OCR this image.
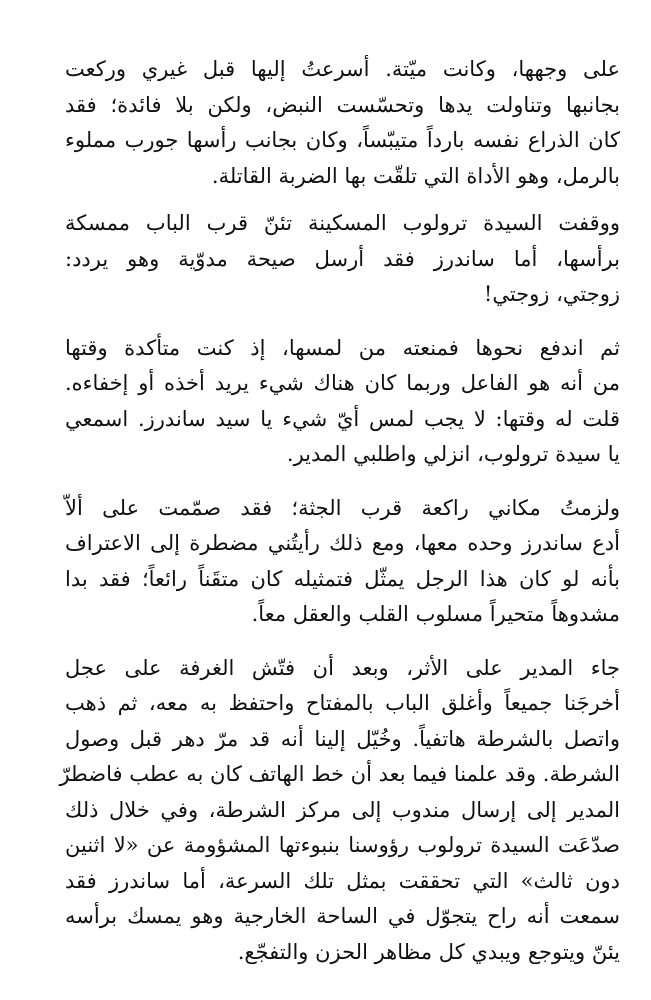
على وجهها، وكانت ميّتة. أسرعتُ إليها قبل غيري وركعت
بجانبها وتناولت يدها وتحسّست النبض، ولكن بلا فائدة؛ فقد
كان الذراع نفسه بارداً متيبّساً، وكان بجانب رأسها جورب مملوء
بالرمل، وهو الأداة التي تلقّت بها الضربة القاتلة.

ووقفت السيدة ترولوب المسكينة تئنّ قرب الباب ممسكة
برأسها، أما ساندرز فقد أرسل صيحة مدوّية وهو يردد:
زوجتي، زوجتي!

ثم اندفع نحوها فمنعته من لمسها، إذ كنت متأكدة وقتها
من أنه هو الفاعل وربما كان هناك شيء يريد أخذه أو إخفاءه.
قلت له وقتها: لا يجب لمس أيّ شيء يا سيد ساندرز. اسمعي
يا سيدة ترولوب، انزلي واطلبي المدير.

ولزمتُ مكاني راكعة قرب الجثة؛ فقد صمّمت على ألاّ
أدع ساندرز وحده معها، ومع ذلك رأيتُني مضطرة إلى الاعتراف
بأنه لو كان هذا الرجل يمثّل فتمثيله كان متقَناً رائعاً؛ فقد بدا
مشدوهاً متحيراً مسلوب القلب والعقل معاً.

جاء المدير على الأثر، وبعد أن فتّش الغرفة على عجل
أخرجَنا جميعاً وأغلق الباب بالمفتاح واحتفظ به معه، ثم ذهب
واتصل بالشرطة هاتفياً. وخُيّل إلينا أنه قد مرّ دهر قبل وصول
الشرطة. وقد علمنا فيما بعد أن خط الهاتف كان به عطب فاضطرّ
المدير إلى إرسال مندوب إلى مركز الشرطة، وفي خلال ذلك
صدّعَت السيدة ترولوب رؤوسنا بنبوءتها المشؤومة عن «لا اثنين
دون ثالث» التي تحققت بمثل تلك السرعة، أما ساندرز فقد
سمعت أنه راح يتجوّل في الساحة الخارجية وهو يمسك برأسه
يئنّ ويتوجع ويبدي كل مظاهر الحزن والتفجّع.
